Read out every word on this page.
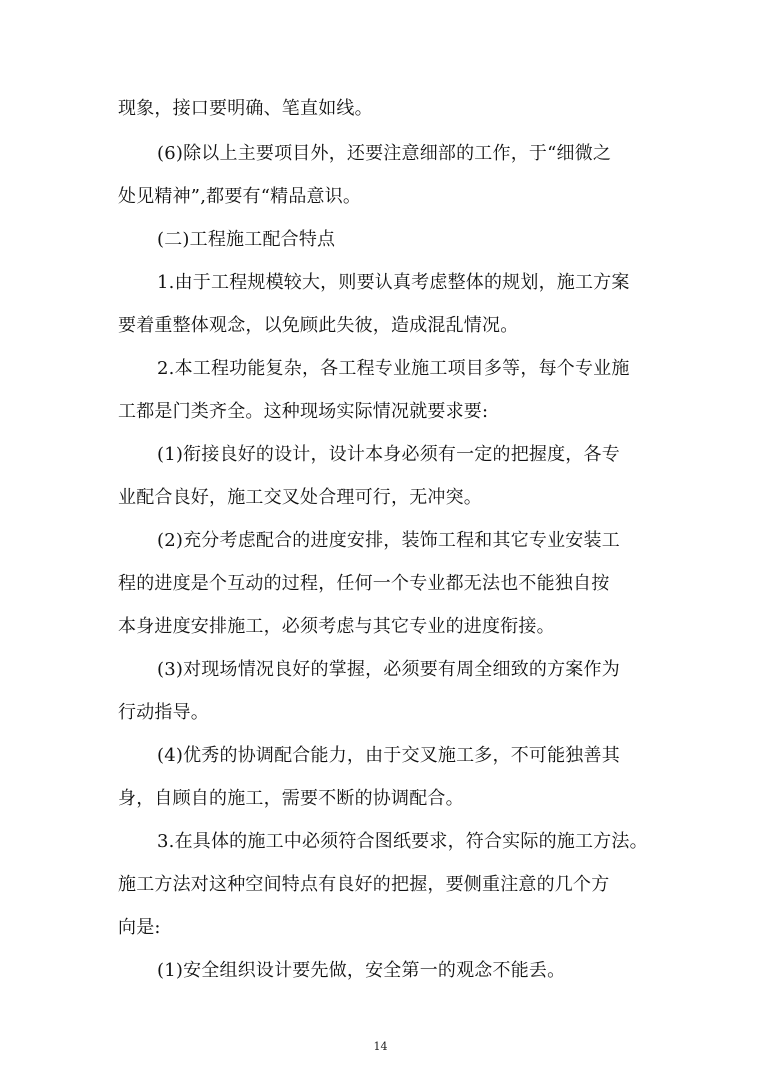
现象，接口要明确、笔直如线。
(6)除以上主要项目外，还要注意细部的工作，于“细微之
处见精神”,都要有“精品意识。
(二)工程施工配合特点
1.由于工程规模较大，则要认真考虑整体的规划，施工方案
要着重整体观念，以免顾此失彼，造成混乱情况。
2.本工程功能复杂，各工程专业施工项目多等，每个专业施
工都是门类齐全。这种现场实际情况就要求要:
(1)衔接良好的设计，设计本身必须有一定的把握度，各专
业配合良好，施工交叉处合理可行，无冲突。
(2)充分考虑配合的进度安排，装饰工程和其它专业安装工
程的进度是个互动的过程，任何一个专业都无法也不能独自按
本身进度安排施工，必须考虑与其它专业的进度衔接。
(3)对现场情况良好的掌握，必须要有周全细致的方案作为
行动指导。
(4)优秀的协调配合能力，由于交叉施工多，不可能独善其
身，自顾自的施工，需要不断的协调配合。
3.在具体的施工中必须符合图纸要求，符合实际的施工方法。
施工方法对这种空间特点有良好的把握，要侧重注意的几个方
向是:
(1)安全组织设计要先做，安全第一的观念不能丢。
14
